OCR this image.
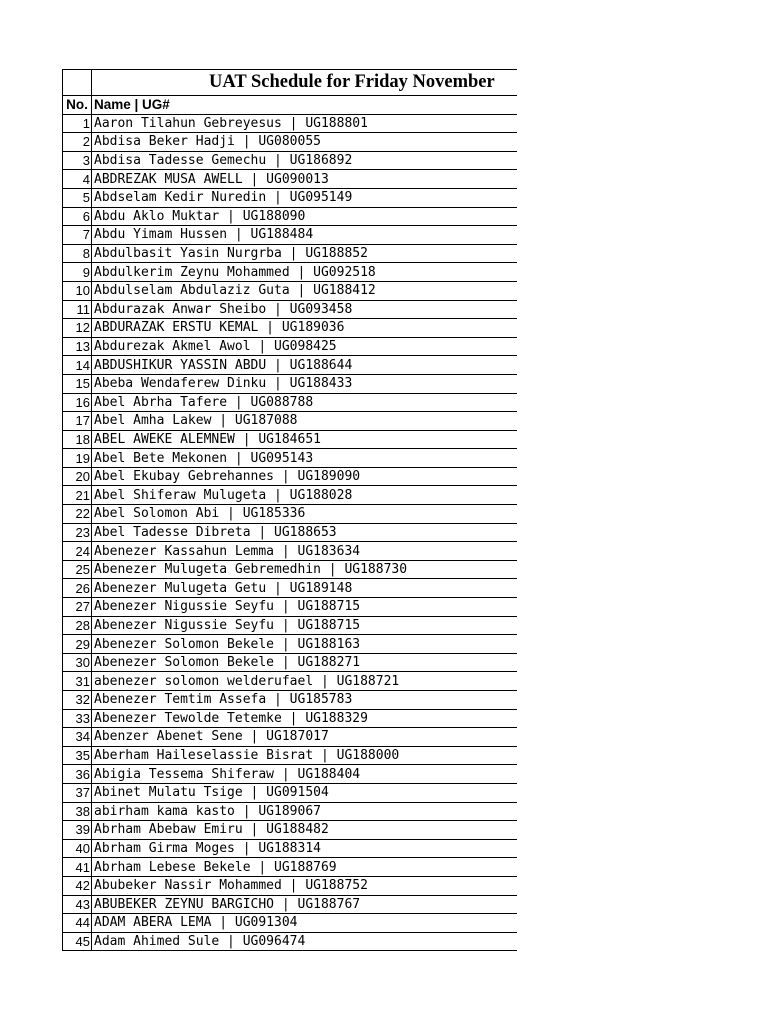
	UAT Schedule for Friday November
No.	Name | UG#
1	Aaron Tilahun Gebreyesus | UG188801
2	Abdisa Beker Hadji | UG080055
3	Abdisa Tadesse Gemechu | UG186892
4	ABDREZAK MUSA AWELL | UG090013
5	Abdselam Kedir Nuredin | UG095149
6	Abdu Aklo Muktar | UG188090
7	Abdu Yimam Hussen | UG188484
8	Abdulbasit Yasin Nurgrba | UG188852
9	Abdulkerim Zeynu Mohammed | UG092518
10	Abdulselam Abdulaziz Guta | UG188412
11	Abdurazak Anwar Sheibo | UG093458
12	ABDURAZAK ERSTU KEMAL | UG189036
13	Abdurezak Akmel Awol | UG098425
14	ABDUSHIKUR YASSIN ABDU | UG188644
15	Abeba Wendaferew Dinku | UG188433
16	Abel Abrha Tafere | UG088788
17	Abel Amha Lakew | UG187088
18	ABEL AWEKE ALEMNEW | UG184651
19	Abel Bete Mekonen | UG095143
20	Abel Ekubay Gebrehannes | UG189090
21	Abel Shiferaw Mulugeta | UG188028
22	Abel Solomon Abi | UG185336
23	Abel Tadesse Dibreta | UG188653
24	Abenezer Kassahun Lemma | UG183634
25	Abenezer Mulugeta Gebremedhin | UG188730
26	Abenezer Mulugeta Getu | UG189148
27	Abenezer Nigussie Seyfu | UG188715
28	Abenezer Nigussie Seyfu | UG188715
29	Abenezer Solomon Bekele | UG188163
30	Abenezer Solomon Bekele | UG188271
31	abenezer solomon welderufael | UG188721
32	Abenezer Temtim Assefa | UG185783
33	Abenezer Tewolde Tetemke | UG188329
34	Abenzer Abenet Sene | UG187017
35	Aberham Haileselassie Bisrat | UG188000
36	Abigia Tessema Shiferaw | UG188404
37	Abinet Mulatu Tsige | UG091504
38	abirham kama kasto | UG189067
39	Abrham Abebaw Emiru | UG188482
40	Abrham Girma Moges | UG188314
41	Abrham Lebese Bekele | UG188769
42	Abubeker Nassir Mohammed | UG188752
43	ABUBEKER ZEYNU BARGICHO | UG188767
44	ADAM ABERA LEMA | UG091304
45	Adam Ahimed Sule | UG096474
